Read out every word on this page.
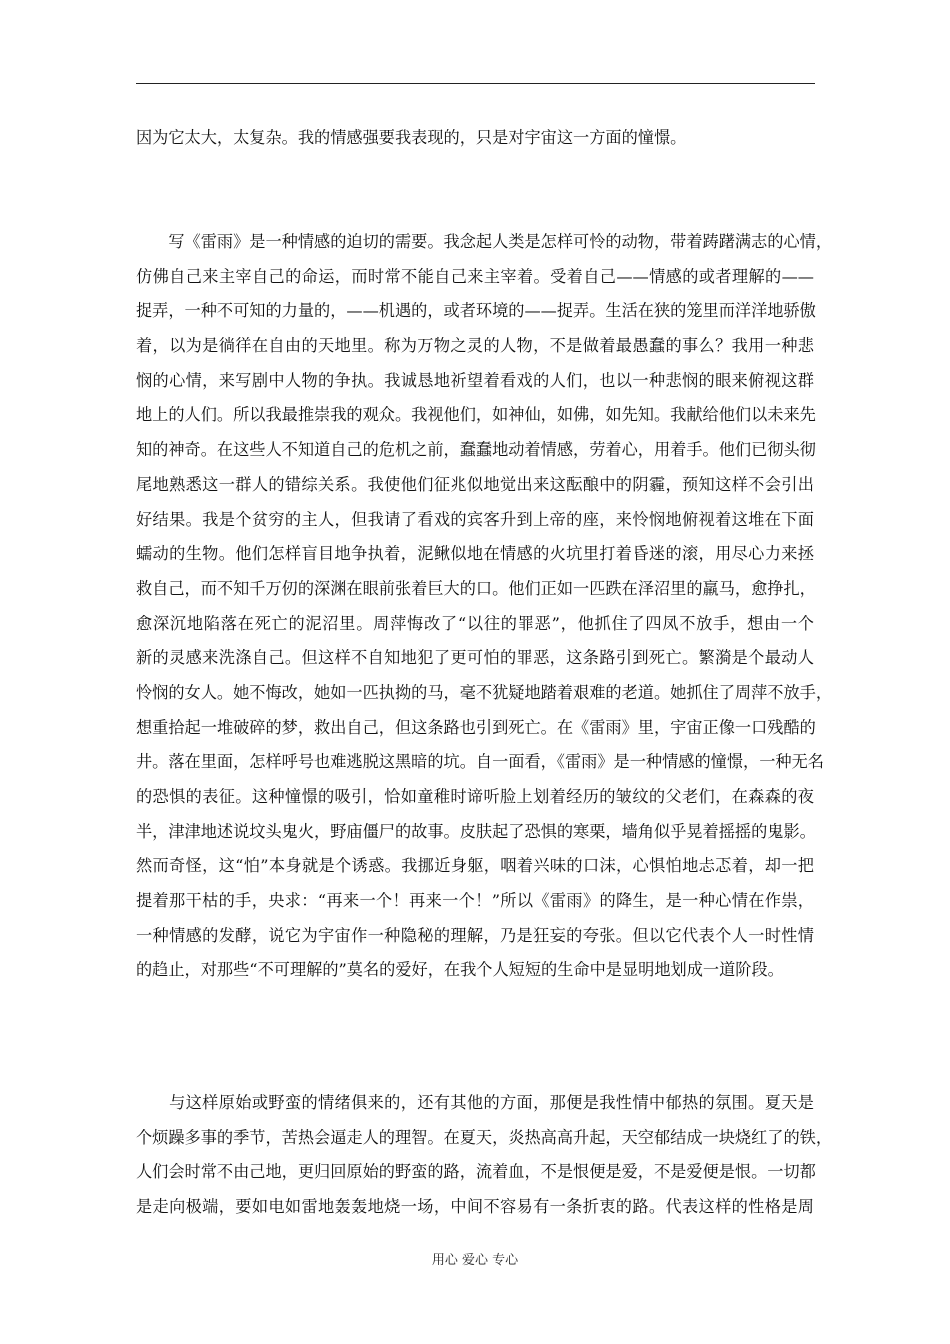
因为它太大，太复杂。我的情感强要我表现的，只是对宇宙这一方面的憧憬。
　　写《雷雨》是一种情感的迫切的需要。我念起人类是怎样可怜的动物，带着踌躇满志的心情，
仿佛自己来主宰自己的命运，而时常不能自己来主宰着。受着自己——情感的或者理解的——
捉弄，一种不可知的力量的，——机遇的，或者环境的——捉弄。生活在狭的笼里而洋洋地骄傲
着，以为是徜徉在自由的天地里。称为万物之灵的人物，不是做着最愚蠢的事么？我用一种悲
悯的心情，来写剧中人物的争执。我诚恳地祈望着看戏的人们，也以一种悲悯的眼来俯视这群
地上的人们。所以我最推崇我的观众。我视他们，如神仙，如佛，如先知。我献给他们以未来先
知的神奇。在这些人不知道自己的危机之前，蠢蠢地动着情感，劳着心，用着手。他们已彻头彻
尾地熟悉这一群人的错综关系。我使他们征兆似地觉出来这酝酿中的阴霾，预知这样不会引出
好结果。我是个贫穷的主人，但我请了看戏的宾客升到上帝的座，来怜悯地俯视着这堆在下面
蠕动的生物。他们怎样盲目地争执着，泥鳅似地在情感的火坑里打着昏迷的滚，用尽心力来拯
救自己，而不知千万仞的深渊在眼前张着巨大的口。他们正如一匹跌在泽沼里的羸马，愈挣扎，
愈深沉地陷落在死亡的泥沼里。周萍悔改了“以往的罪恶”，他抓住了四凤不放手，想由一个
新的灵感来洗涤自己。但这样不自知地犯了更可怕的罪恶，这条路引到死亡。繁漪是个最动人
怜悯的女人。她不悔改，她如一匹执拗的马，毫不犹疑地踏着艰难的老道。她抓住了周萍不放手，
想重拾起一堆破碎的梦，救出自己，但这条路也引到死亡。在《雷雨》里，宇宙正像一口残酷的
井。落在里面，怎样呼号也难逃脱这黑暗的坑。自一面看，《雷雨》是一种情感的憧憬，一种无名
的恐惧的表征。这种憧憬的吸引，恰如童稚时谛听脸上划着经历的皱纹的父老们，在森森的夜
半，津津地述说坟头鬼火，野庙僵尸的故事。皮肤起了恐惧的寒栗，墙角似乎晃着摇摇的鬼影。
然而奇怪，这“怕”本身就是个诱惑。我挪近身躯，咽着兴味的口沫，心惧怕地忐忑着，却一把
提着那干枯的手，央求：“再来一个！再来一个！”所以《雷雨》的降生，是一种心情在作祟，
一种情感的发酵，说它为宇宙作一种隐秘的理解，乃是狂妄的夸张。但以它代表个人一时性情
的趋止，对那些“不可理解的”莫名的爱好，在我个人短短的生命中是显明地划成一道阶段。
　　与这样原始或野蛮的情绪俱来的，还有其他的方面，那便是我性情中郁热的氛围。夏天是
个烦躁多事的季节，苦热会逼走人的理智。在夏天，炎热高高升起，天空郁结成一块烧红了的铁，
人们会时常不由己地，更归回原始的野蛮的路，流着血，不是恨便是爱，不是爱便是恨。一切都
是走向极端，要如电如雷地轰轰地烧一场，中间不容易有一条折衷的路。代表这样的性格是周
用心 爱心 专心
